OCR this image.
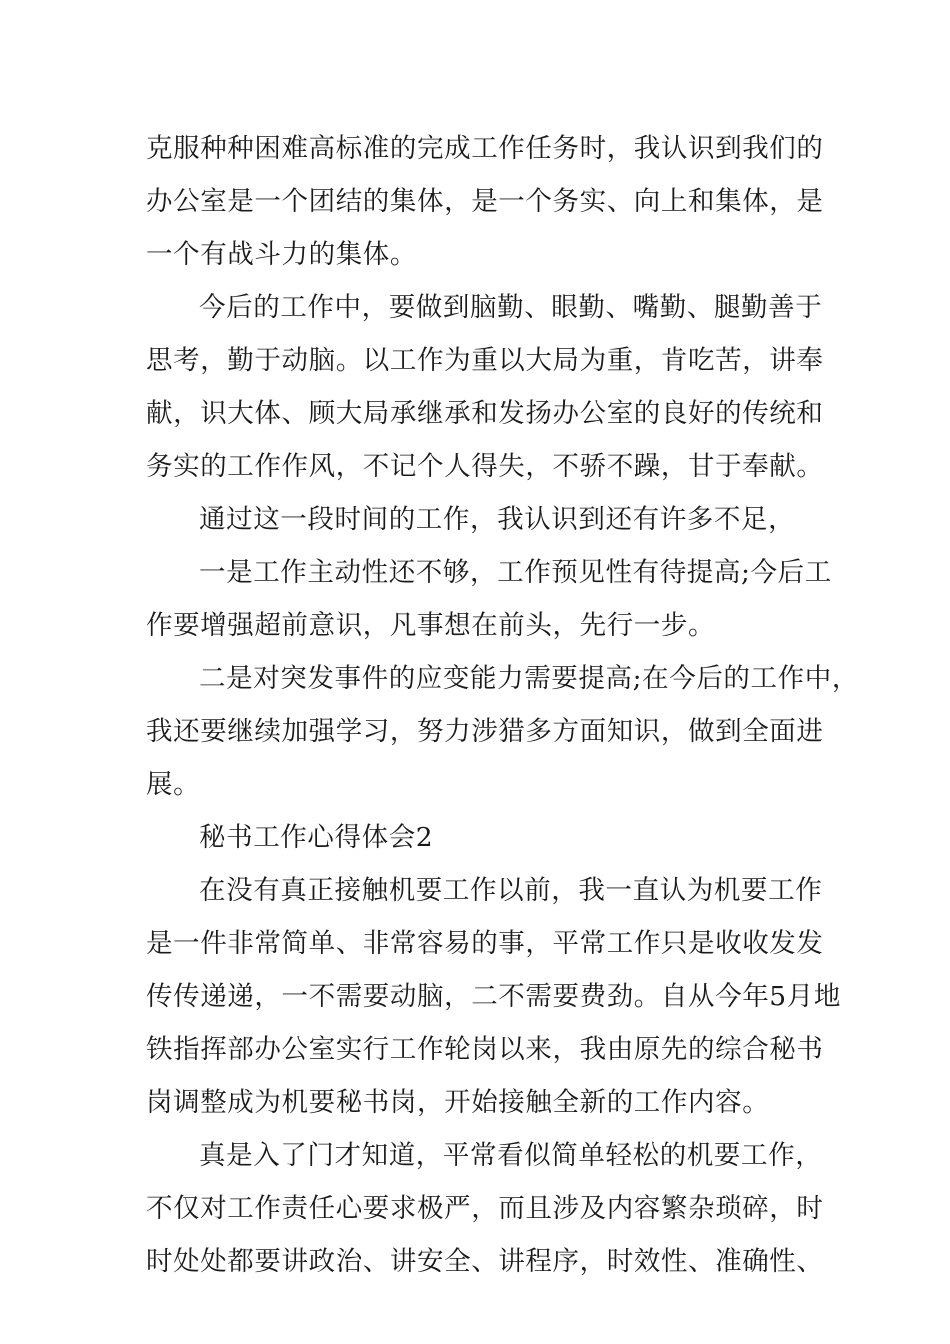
克服种种困难高标准的完成工作任务时，我认识到我们的
办公室是一个团结的集体，是一个务实、向上和集体，是
一个有战斗力的集体。
今后的工作中，要做到脑勤、眼勤、嘴勤、腿勤善于
思考，勤于动脑。以工作为重以大局为重，肯吃苦，讲奉
献，识大体、顾大局承继承和发扬办公室的良好的传统和
务实的工作作风，不记个人得失，不骄不躁，甘于奉献。
通过这一段时间的工作，我认识到还有许多不足，
一是工作主动性还不够，工作预见性有待提高;今后工
作要增强超前意识，凡事想在前头，先行一步。
二是对突发事件的应变能力需要提高;在今后的工作中，
我还要继续加强学习，努力涉猎多方面知识，做到全面进
展。
秘书工作心得体会2
在没有真正接触机要工作以前，我一直认为机要工作
是一件非常简单、非常容易的事，平常工作只是收收发发
传传递递，一不需要动脑，二不需要费劲。自从今年5月地
铁指挥部办公室实行工作轮岗以来，我由原先的综合秘书
岗调整成为机要秘书岗，开始接触全新的工作内容。
真是入了门才知道，平常看似简单轻松的机要工作，
不仅对工作责任心要求极严，而且涉及内容繁杂琐碎，时
时处处都要讲政治、讲安全、讲程序，时效性、准确性、
